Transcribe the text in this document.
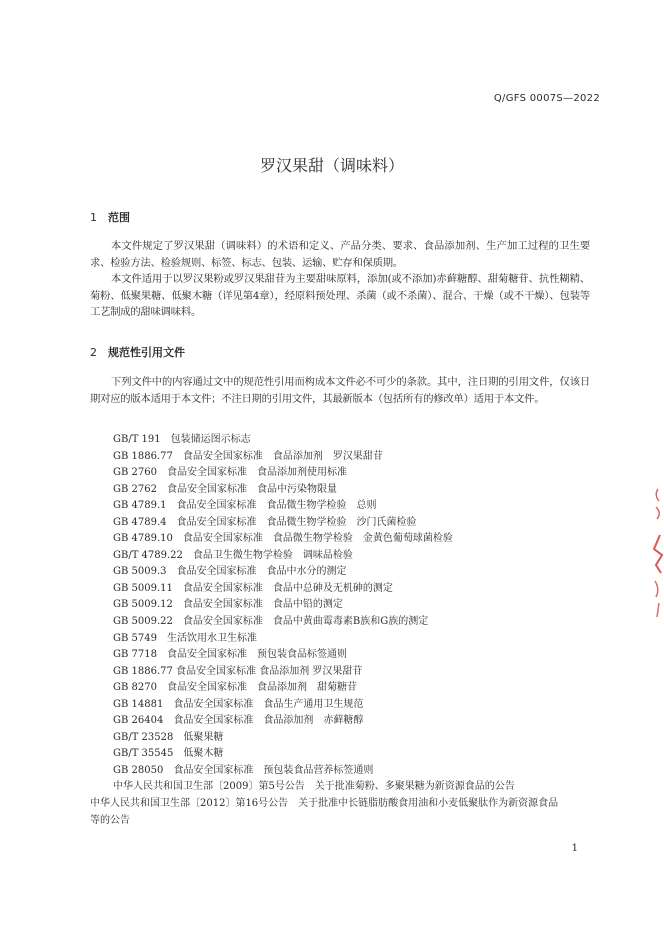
Q/GFS 0007S—2022
罗汉果甜（调味料）
1 范围
本文件规定了罗汉果甜（调味料）的术语和定义、产品分类、要求、食品添加剂、生产加工过程的卫生要求、检验方法、检验规则、标签、标志、包装、运输、贮存和保质期。
本文件适用于以罗汉果粉或罗汉果甜苷为主要甜味原料，添加(或不添加)赤藓糖醇、甜菊糖苷、抗性糊精、菊粉、低聚果糖、低聚木糖（详见第4章），经原料预处理、杀菌（或不杀菌）、混合、干燥（或不干燥）、包装等工艺制成的甜味调味料。
2 规范性引用文件
下列文件中的内容通过文中的规范性引用而构成本文件必不可少的条款。其中，注日期的引用文件，仅该日期对应的版本适用于本文件；不注日期的引用文件，其最新版本（包括所有的修改单）适用于本文件。
GB/T 191　包装储运图示标志
GB 1886.77　食品安全国家标准　食品添加剂　罗汉果甜苷
GB 2760　食品安全国家标准　食品添加剂使用标准
GB 2762　食品安全国家标准　食品中污染物限量
GB 4789.1　食品安全国家标准　食品微生物学检验　总则
GB 4789.4　食品安全国家标准　食品微生物学检验　沙门氏菌检验
GB 4789.10　食品安全国家标准　食品微生物学检验　金黄色葡萄球菌检验
GB/T 4789.22　食品卫生微生物学检验　调味品检验
GB 5009.3　食品安全国家标准　食品中水分的测定
GB 5009.11　食品安全国家标准　食品中总砷及无机砷的测定
GB 5009.12　食品安全国家标准　食品中铅的测定
GB 5009.22　食品安全国家标准　食品中黄曲霉毒素B族和G族的测定
GB 5749　生活饮用水卫生标准
GB 7718　食品安全国家标准　预包装食品标签通则
GB 1886.77 食品安全国家标准 食品添加剂 罗汉果甜苷
GB 8270　食品安全国家标准　食品添加剂　甜菊糖苷
GB 14881　食品安全国家标准　食品生产通用卫生规范
GB 26404　食品安全国家标准　食品添加剂　赤藓糖醇
GB/T 23528　低聚果糖
GB/T 35545　低聚木糖
GB 28050　食品安全国家标准　预包装食品营养标签通则
中华人民共和国卫生部〔2009〕第5号公告　关于批准菊粉、多聚果糖为新资源食品的公告
中华人民共和国卫生部〔2012〕第16号公告　关于批准中长链脂肪酸食用油和小麦低聚肽作为新资源食品等的公告
1
